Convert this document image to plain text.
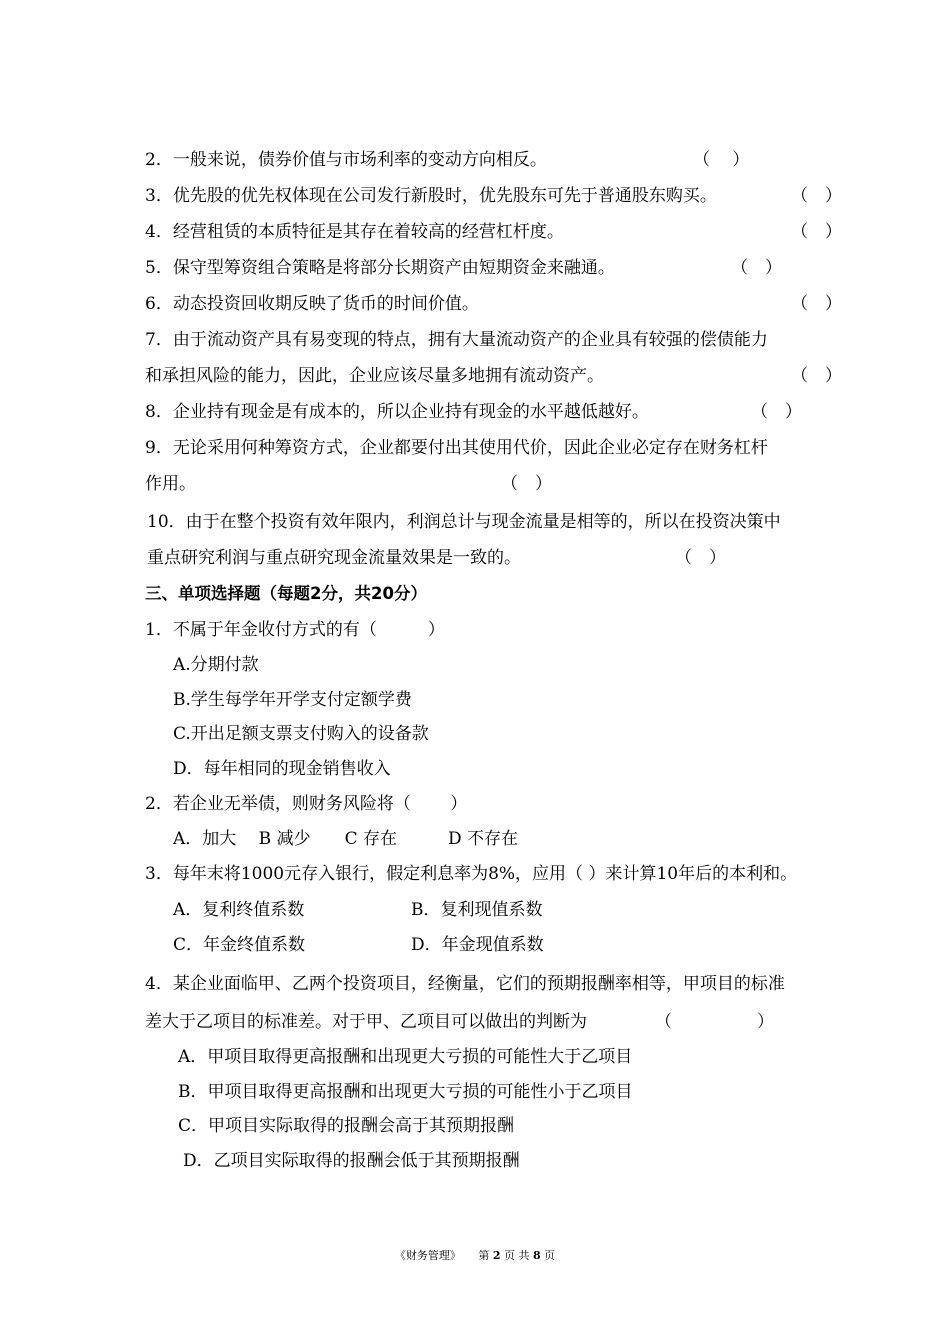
2．一般来说，债券价值与市场利率的变动方向相反。	（　 ）
3．优先股的优先权体现在公司发行新股时，优先股东可先于普通股东购买。	（　）
4．经营租赁的本质特征是其存在着较高的经营杠杆度。	（　）
5．保守型筹资组合策略是将部分长期资产由短期资金来融通。	（　）
6．动态投资回收期反映了货币的时间价值。	（　）
7．由于流动资产具有易变现的特点，拥有大量流动资产的企业具有较强的偿债能力
和承担风险的能力，因此，企业应该尽量多地拥有流动资产。	（　）
8．企业持有现金是有成本的，所以企业持有现金的水平越低越好。	（　）
9．无论采用何种筹资方式，企业都要付出其使用代价，因此企业必定存在财务杠杆
作用。	（　）
10．由于在整个投资有效年限内，利润总计与现金流量是相等的，所以在投资决策中
重点研究利润与重点研究现金流量效果是一致的。	（　）
三、单项选择题（每题2分，共20分）
1．不属于年金收付方式的有（　　　）
A.分期付款
B.学生每学年开学支付定额学费
C.开出足额支票支付购入的设备款
D．每年相同的现金销售收入
2．若企业无举债，则财务风险将（　　 ）
A．加大　 B 减少　　C 存在　　　D 不存在
3．每年末将1000元存入银行，假定利息率为8%，应用（ ）来计算10年后的本利和。
A．复利终值系数	B．复利现值系数
C．年金终值系数	D．年金现值系数
4．某企业面临甲、乙两个投资项目，经衡量，它们的预期报酬率相等，甲项目的标准
差大于乙项目的标准差。对于甲、乙项目可以做出的判断为	（　　　　　）
A．甲项目取得更高报酬和出现更大亏损的可能性大于乙项目
B．甲项目取得更高报酬和出现更大亏损的可能性小于乙项目
C．甲项目实际取得的报酬会高于其预期报酬
D．乙项目实际取得的报酬会低于其预期报酬
《财务管理》 第 2 页 共 8 页
